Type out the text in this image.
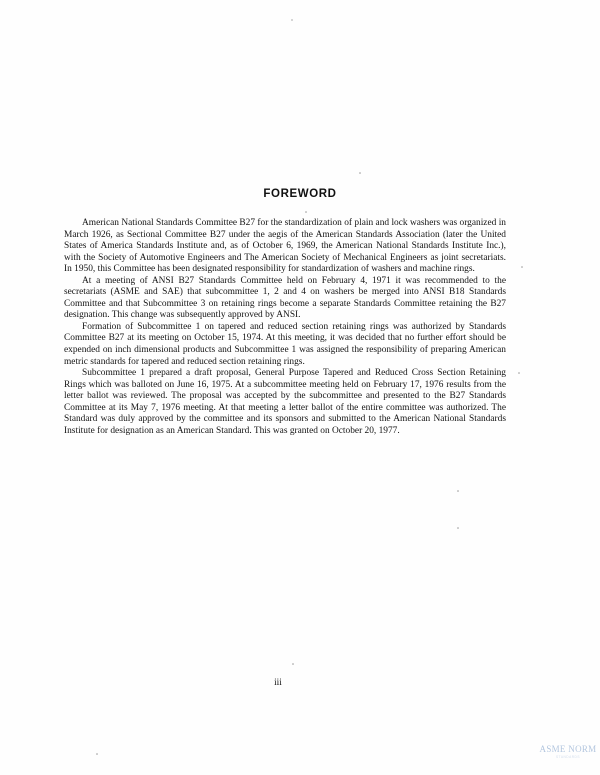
FOREWORD

American National Standards Committee B27 for the standardization of plain and lock washers was organized in March 1926, as Sectional Committee B27 under the aegis of the American Standards Association (later the United States of America Standards Institute and, as of October 6, 1969, the American National Standards Institute Inc.), with the Society of Automotive Engineers and The American Society of Mechanical Engineers as joint secretariats. In 1950, this Committee has been designated responsibility for standardization of washers and machine rings.

At a meeting of ANSI B27 Standards Committee held on February 4, 1971 it was recommended to the secretariats (ASME and SAE) that subcommittee 1, 2 and 4 on washers be merged into ANSI B18 Standards Committee and that Subcommittee 3 on retaining rings become a separate Standards Committee retaining the B27 designation. This change was subsequently approved by ANSI.

Formation of Subcommittee 1 on tapered and reduced section retaining rings was authorized by Standards Committee B27 at its meeting on October 15, 1974. At this meeting, it was decided that no further effort should be expended on inch dimensional products and Subcommittee 1 was assigned the responsibility of preparing American metric standards for tapered and reduced section retaining rings.

Subcommittee 1 prepared a draft proposal, General Purpose Tapered and Reduced Cross Section Retaining Rings which was balloted on June 16, 1975. At a subcommittee meeting held on February 17, 1976 results from the letter ballot was reviewed. The proposal was accepted by the subcommittee and presented to the B27 Standards Committee at its May 7, 1976 meeting. At that meeting a letter ballot of the entire committee was authorized. The Standard was duly approved by the committee and its sponsors and submitted to the American National Standards Institute for designation as an American Standard. This was granted on October 20, 1977.

iii
ASME NORM
STANDARDS
